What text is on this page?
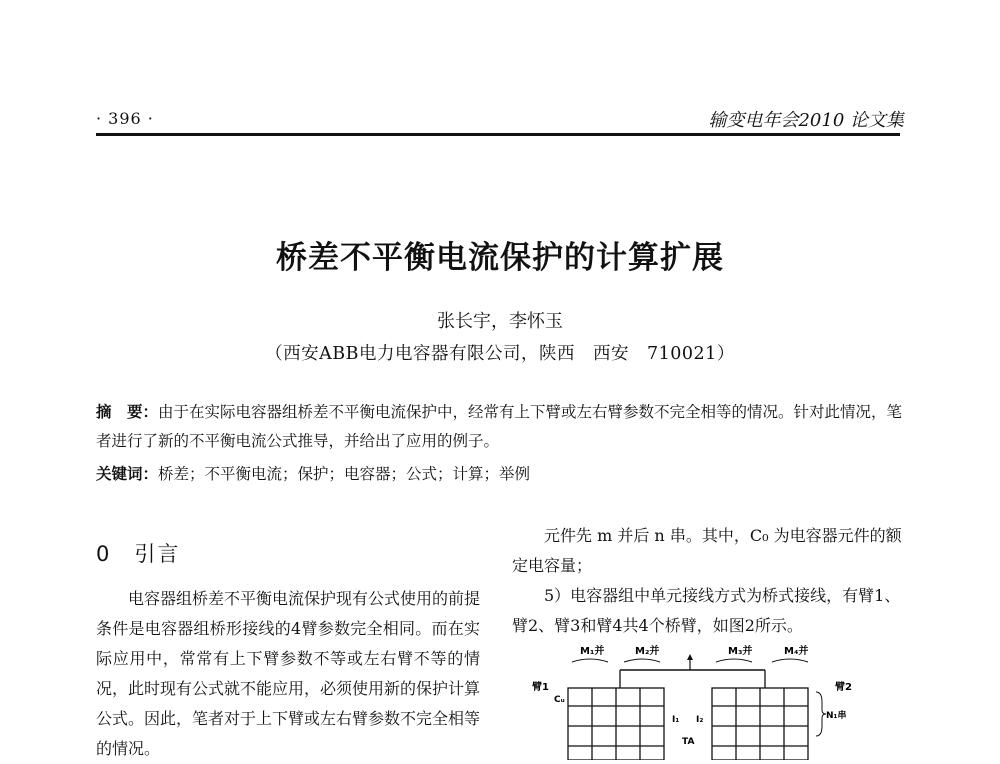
· 396 ·	输变电年会2010 论文集
桥差不平衡电流保护的计算扩展
张长宇，李怀玉
（西安ABB电力电容器有限公司，陕西　西安　710021）
摘　要：由于在实际电容器组桥差不平衡电流保护中，经常有上下臂或左右臂参数不完全相等的情况。针对此情况，笔者进行了新的不平衡电流公式推导，并给出了应用的例子。
关键词：桥差；不平衡电流；保护；电容器；公式；计算；举例
0　引言
电容器组桥差不平衡电流保护现有公式使用的前提条件是电容器组桥形接线的4臂参数完全相同。而在实际应用中，常常有上下臂参数不等或左右臂不等的情况，此时现有公式就不能应用，必须使用新的保护计算公式。因此，笔者对于上下臂或左右臂参数不完全相等的情况。
元件先 m 并后 n 串。其中，C₀ 为电容器元件的额定电容量；
5）电容器组中单元接线方式为桥式接线，有臂1、臂2、臂3和臂4共4个桥臂，如图2所示。
M₁并	M₂并	M₃并	M₄并
臂1	臂2
Cᵤ
I₁ I₂
TA
N₁串
